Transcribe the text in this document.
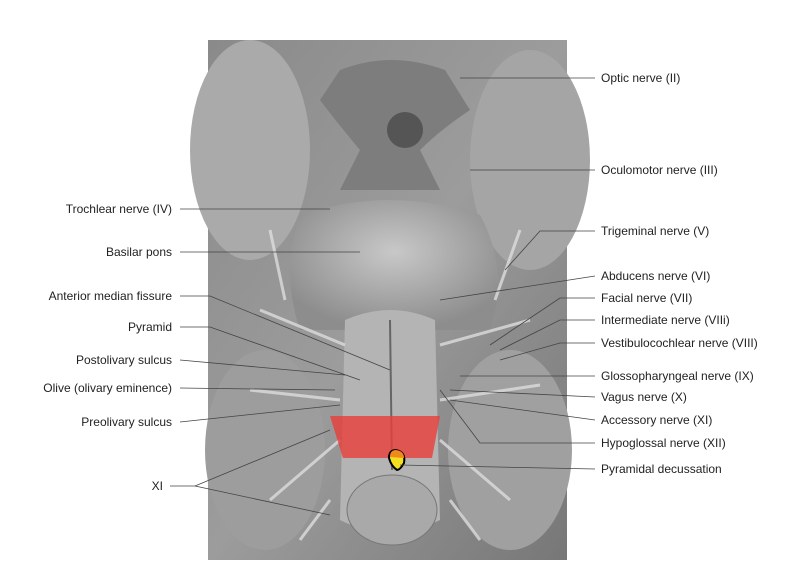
Optic nerve (II)
Oculomotor nerve (III)
Trigeminal nerve (V)
Abducens nerve (VI)
Facial nerve (VII)
Intermediate nerve (VIIi)
Vestibulocochlear nerve (VIII)
Glossopharyngeal nerve (IX)
Vagus nerve (X)
Accessory nerve (XI)
Hypoglossal nerve (XII)
Pyramidal decussation
Trochlear nerve (IV)
Basilar pons
Anterior median fissure
Pyramid
Postolivary sulcus
Olive (olivary eminence)
Preolivary sulcus
XI
